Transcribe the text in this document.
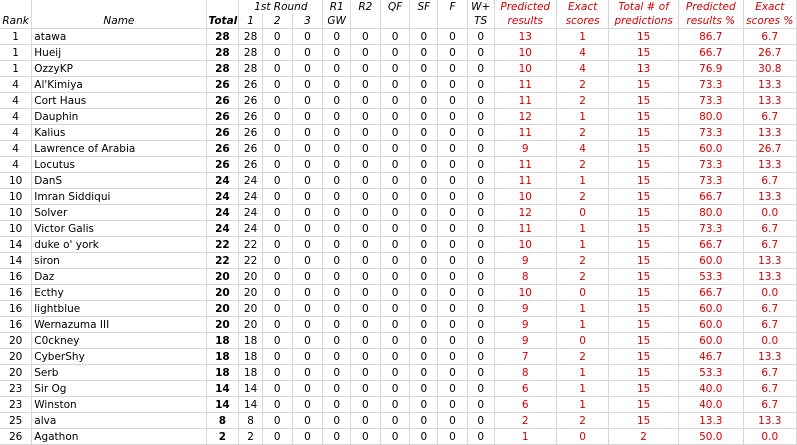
			1st Round			R1	R2	QF	SF	F	W+	Predicted	Exact	Total # of	Predicted	Exact
Rank	Name	Total	1	2	3	GW					TS	results	scores	predictions	results %	scores %
1	atawa	28	28	0	0	0	0	0	0	0	0	13	1	15	86.7	6.7
1	Hueij	28	28	0	0	0	0	0	0	0	0	10	4	15	66.7	26.7
1	OzzyKP	28	28	0	0	0	0	0	0	0	0	10	4	13	76.9	30.8
4	Al'Kimiya	26	26	0	0	0	0	0	0	0	0	11	2	15	73.3	13.3
4	Cort Haus	26	26	0	0	0	0	0	0	0	0	11	2	15	73.3	13.3
4	Dauphin	26	26	0	0	0	0	0	0	0	0	12	1	15	80.0	6.7
4	Kalius	26	26	0	0	0	0	0	0	0	0	11	2	15	73.3	13.3
4	Lawrence of Arabia	26	26	0	0	0	0	0	0	0	0	9	4	15	60.0	26.7
4	Locutus	26	26	0	0	0	0	0	0	0	0	11	2	15	73.3	13.3
10	DanS	24	24	0	0	0	0	0	0	0	0	11	1	15	73.3	6.7
10	Imran Siddiqui	24	24	0	0	0	0	0	0	0	0	10	2	15	66.7	13.3
10	Solver	24	24	0	0	0	0	0	0	0	0	12	0	15	80.0	0.0
10	Victor Galis	24	24	0	0	0	0	0	0	0	0	11	1	15	73.3	6.7
14	duke o' york	22	22	0	0	0	0	0	0	0	0	10	1	15	66.7	6.7
14	siron	22	22	0	0	0	0	0	0	0	0	9	2	15	60.0	13.3
16	Daz	20	20	0	0	0	0	0	0	0	0	8	2	15	53.3	13.3
16	Ecthy	20	20	0	0	0	0	0	0	0	0	10	0	15	66.7	0.0
16	lightblue	20	20	0	0	0	0	0	0	0	0	9	1	15	60.0	6.7
16	Wernazuma III	20	20	0	0	0	0	0	0	0	0	9	1	15	60.0	6.7
20	C0ckney	18	18	0	0	0	0	0	0	0	0	9	0	15	60.0	0.0
20	CyberShy	18	18	0	0	0	0	0	0	0	0	7	2	15	46.7	13.3
20	Serb	18	18	0	0	0	0	0	0	0	0	8	1	15	53.3	6.7
23	Sir Og	14	14	0	0	0	0	0	0	0	0	6	1	15	40.0	6.7
23	Winston	14	14	0	0	0	0	0	0	0	0	6	1	15	40.0	6.7
25	alva	8	8	0	0	0	0	0	0	0	0	2	2	15	13.3	13.3
26	Agathon	2	2	0	0	0	0	0	0	0	0	1	0	2	50.0	0.0
